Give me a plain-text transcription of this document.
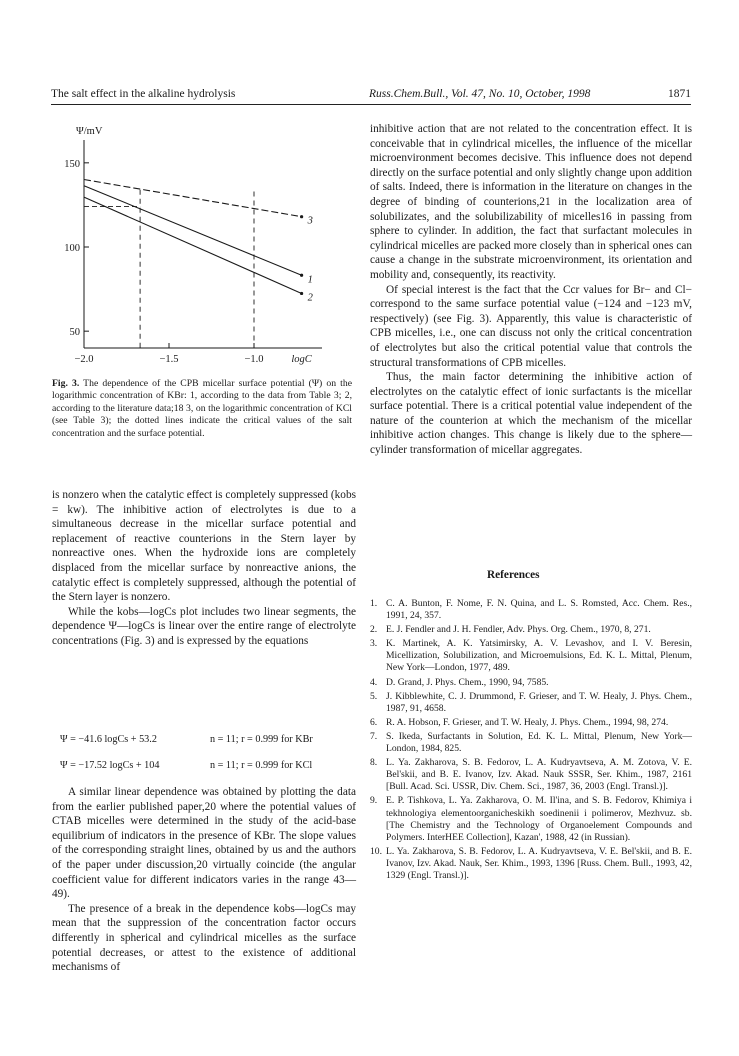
The salt effect in the alkaline hydrolysis	Russ.Chem.Bull., Vol. 47, No. 10, October, 1998	1871
150
100
50
−2.0	−1.5	−1.0
Ψ/mV
logC
1
2
3
Fig. 3. The dependence of the CPB micellar surface potential (Ψ) on the logarithmic concentration of KBr: 1, according to the data from Table 3; 2, according to the literature data;18 3, on the logarithmic concentration of KCl (see Table 3); the dotted lines indicate the critical values of the salt concentration and the surface potential.

is nonzero when the catalytic effect is completely suppressed (kobs = kw). The inhibitive action of electrolytes is due to a simultaneous decrease in the micellar surface potential and replacement of reactive counterions in the Stern layer by nonreactive ones. When the hydroxide ions are completely displaced from the micellar surface by nonreactive anions, the catalytic effect is completely suppressed, although the potential of the Stern layer is nonzero.

While the kobs—logCs plot includes two linear segments, the dependence Ψ—logCs is linear over the entire range of electrolyte concentrations (Fig. 3) and is expressed by the equations

Ψ = −41.6 logCs + 53.2	n = 11; r = 0.999 for KBr
Ψ = −17.52 logCs + 104	n = 11; r = 0.999 for KCl

A similar linear dependence was obtained by plotting the data from the earlier published paper,20 where the potential values of CTAB micelles were determined in the study of the acid-base equilibrium of indicators in the presence of KBr. The slope values of the corresponding straight lines, obtained by us and the authors of the paper under discussion,20 virtually coincide (the angular coefficient value for different indicators varies in the range 43—49).

The presence of a break in the dependence kobs—logCs may mean that the suppression of the concentration factor occurs differently in spherical and cylindrical micelles as the surface potential decreases, or attest to the existence of additional mechanisms of

inhibitive action that are not related to the concentration effect. It is conceivable that in cylindrical micelles, the influence of the micellar microenvironment becomes decisive. This influence does not depend directly on the surface potential and only slightly change upon addition of salts. Indeed, there is information in the literature on changes in the degree of binding of counterions,21 in the localization area of solubilizates, and the solubilizability of micelles16 in passing from sphere to cylinder. In addition, the fact that surfactant molecules in cylindrical micelles are packed more closely than in spherical ones can cause a change in the substrate microenvironment, its orientation and mobility and, consequently, its reactivity.

Of special interest is the fact that the Ccr values for Br− and Cl− correspond to the same surface potential value (−124 and −123 mV, respectively) (see Fig. 3). Apparently, this value is characteristic of CPB micelles, i.e., one can discuss not only the critical concentration of electrolytes but also the critical potential value that controls the structural transformations of CPB micelles.

Thus, the main factor determining the inhibitive action of electrolytes on the catalytic effect of ionic surfactants is the micellar surface potential. There is a critical potential value independent of the nature of the counterion at which the mechanism of the micellar inhibitive action changes. This change is likely due to the sphere—cylinder transformation of micellar aggregates.

References
1. C. A. Bunton, F. Nome, F. N. Quina, and L. S. Romsted, Acc. Chem. Res., 1991, 24, 357.
2. E. J. Fendler and J. H. Fendler, Adv. Phys. Org. Chem., 1970, 8, 271.
3. K. Martinek, A. K. Yatsimirsky, A. V. Levashov, and I. V. Beresin, Micellization, Solubilization, and Microemulsions, Ed. K. L. Mittal, Plenum, New York—London, 1977, 489.
4. D. Grand, J. Phys. Chem., 1990, 94, 7585.
5. J. Kibblewhite, C. J. Drummond, F. Grieser, and T. W. Healy, J. Phys. Chem., 1987, 91, 4658.
6. R. A. Hobson, F. Grieser, and T. W. Healy, J. Phys. Chem., 1994, 98, 274.
7. S. Ikeda, Surfactants in Solution, Ed. K. L. Mittal, Plenum, New York—London, 1984, 825.
8. L. Ya. Zakharova, S. B. Fedorov, L. A. Kudryavtseva, A. M. Zotova, V. E. Bel'skii, and B. E. Ivanov, Izv. Akad. Nauk SSSR, Ser. Khim., 1987, 2161 [Bull. Acad. Sci. USSR, Div. Chem. Sci., 1987, 36, 2003 (Engl. Transl.)].
9. E. P. Tishkova, L. Ya. Zakharova, O. M. Il'ina, and S. B. Fedorov, Khimiya i tekhnologiya elementoorganicheskikh soedinenii i polimerov, Mezhvuz. sb. [The Chemistry and the Technology of Organoelement Compounds and Polymers. InterHEE Collection], Kazan', 1988, 42 (in Russian).
10. L. Ya. Zakharova, S. B. Fedorov, L. A. Kudryavtseva, V. E. Bel'skii, and B. E. Ivanov, Izv. Akad. Nauk, Ser. Khim., 1993, 1396 [Russ. Chem. Bull., 1993, 42, 1329 (Engl. Transl.)].
